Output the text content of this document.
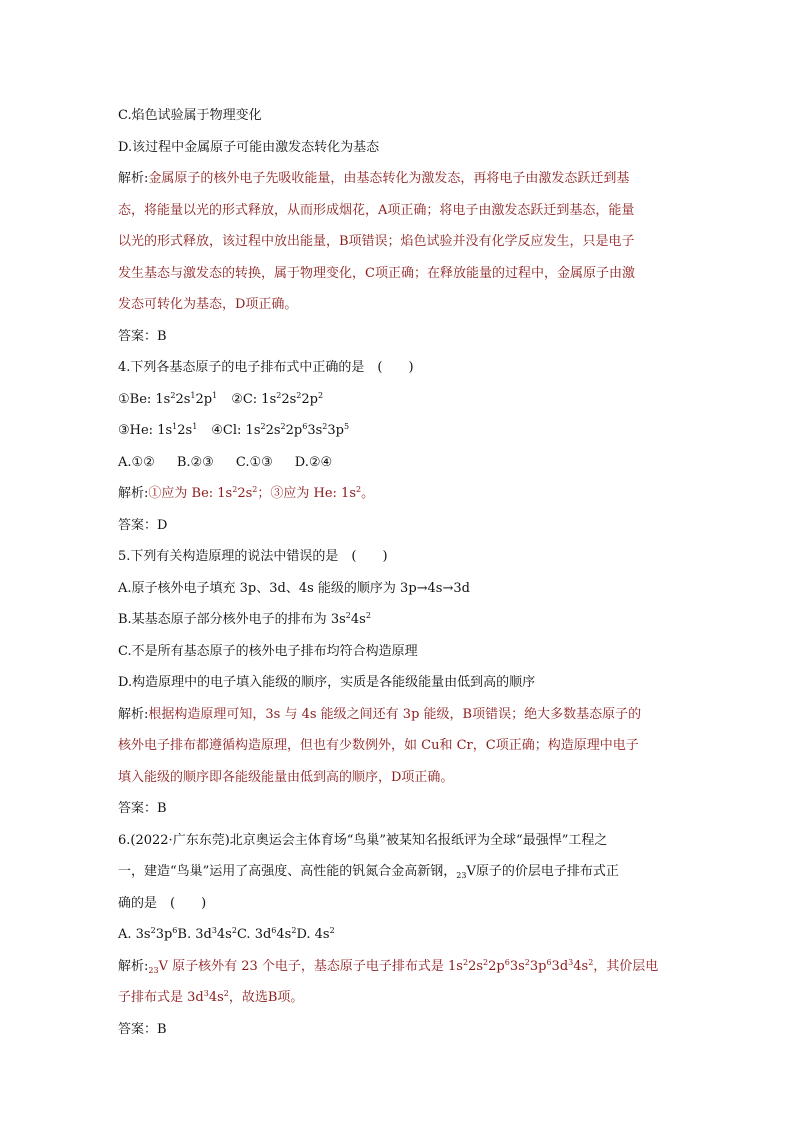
C.焰色试验属于物理变化
D.该过程中金属原子可能由激发态转化为基态
解析:金属原子的核外电子先吸收能量，由基态转化为激发态，再将电子由激发态跃迁到基
态，将能量以光的形式释放，从而形成烟花，A项正确；将电子由激发态跃迁到基态，能量
以光的形式释放，该过程中放出能量，B项错误；焰色试验并没有化学反应发生，只是电子
发生基态与激发态的转换，属于物理变化，C项正确；在释放能量的过程中，金属原子由激
发态可转化为基态，D项正确。
答案：B
4.下列各基态原子的电子排布式中正确的是　(　　)
①Be: $1s^22s^12p^1$ ②C: $1s^22s^22p^2$
③He: $1s^12s^1$ ④Cl: $1s^22s^22p^63s^23p^5$
A.①② B.②③ C.①③ D.②④
解析:①应为 Be: $1s^22s^2$；③应为 He: $1s^2$。
答案：D
5.下列有关构造原理的说法中错误的是　(　　)
A.原子核外电子填充 3p、3d、4s 能级的顺序为 3p→4s→3d
B.某基态原子部分核外电子的排布为 $3s^24s^2$
C.不是所有基态原子的核外电子排布均符合构造原理
D.构造原理中的电子填入能级的顺序，实质是各能级能量由低到高的顺序
解析:根据构造原理可知，3s 与 4s 能级之间还有 3p 能级，B项错误；绝大多数基态原子的
核外电子排布都遵循构造原理，但也有少数例外，如 Cu和 Cr，C项正确；构造原理中电子
填入能级的顺序即各能级能量由低到高的顺序，D项正确。
答案：B
6.(2022·广东东莞)北京奥运会主体育场“鸟巢”被某知名报纸评为全球“最强悍”工程之
一，建造“鸟巢”运用了高强度、高性能的钒氮合金高新钢，$_{23}$V原子的价层电子排布式正
确的是　(　　)
A. $3s^23p^6B$. $3d^34s^2C$. $3d^64s^2D$. $4s^2$
解析$:_{23}V$ 原子核外有 23 个电子，基态原子电子排布式是 $1s^22s^22p^63s^23p^63d^34s^2$，其价层电
子排布式是 $3d^34s^2$，故选B项。
答案：B
